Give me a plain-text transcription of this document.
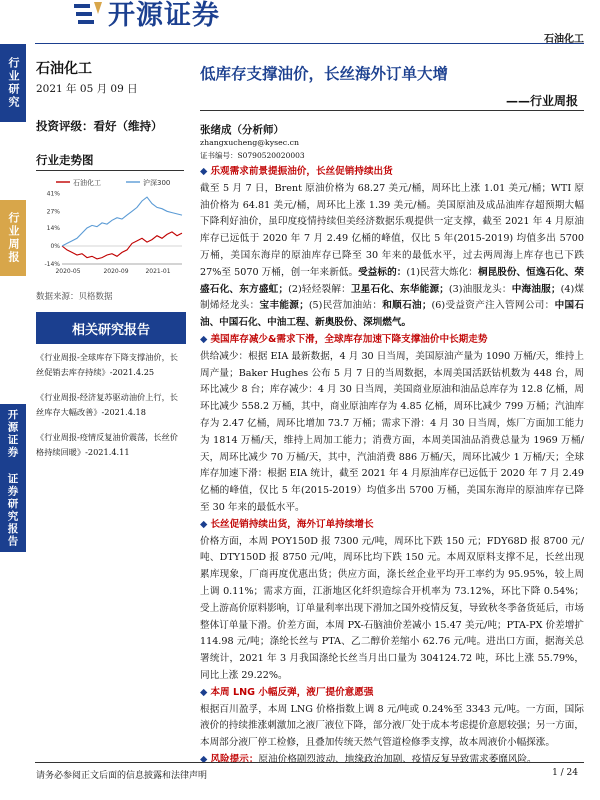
开源证券
石油化工
行业研究
行业周报
开源证券 证券研究报告
石油化工
2021 年 05 月 09 日
投资评级：看好（维持）
行业走势图
石油化工	沪深300
41%
27%
14%
0%
-14%
2020-05	2020-09	2021-01
数据来源：贝格数据
相关研究报告
《行业周报-全球库存下降支撑油价，长丝促销去库存持续》-2021.4.25
《行业周报-经济复苏驱动油价上行，长丝库存大幅改善》-2021.4.18
《行业周报-疫情反复油价震荡，长丝价格持续回暖》-2021.4.11
低库存支撑油价，长丝海外订单大增
——行业周报
张绪成（分析师）
zhangxucheng@kysec.cn
证书编号：S0790520020003
◆ 乐观需求前景提振油价，长丝促销持续出货
截至 5 月 7 日，Brent 原油价格为 68.27 美元/桶，周环比上涨 1.01 美元/桶；WTI 原油价格为 64.81 美元/桶，周环比上涨 1.39 美元/桶。美国原油及成品油库存超预期大幅下降利好油价，虽印度疫情持续但美经济数据乐观提供一定支撑，截至 2021 年 4 月原油库存已远低于 2020 年 7 月 2.49 亿桶的峰值，仅比 5 年(2015-2019) 均值多出 5700 万桶，美国东海岸的原油库存已降至 30 年来的最低水平，过去两周海上库存也已下跌 27%至 5070 万桶，创一年来新低。受益标的：(1)民营大炼化：桐昆股份、恒逸石化、荣盛石化、东方盛虹；(2)轻烃裂解：卫星石化、东华能源；(3)油服龙头：中海油服；(4)煤制烯烃龙头：宝丰能源；(5)民营加油站：和顺石油；(6)受益资产注入管网公司：中国石油、中国石化、中油工程、新奥股份、深圳燃气。
◆ 美国库存减少&需求下滑，全球库存加速下降支撑油价中长期走势
供给减少：根据 EIA 最新数据，4 月 30 日当周，美国原油产量为 1090 万桶/天，维持上周产量；Baker Hughes 公布 5 月 7 日的当周数据，本周美国活跃钻机数为 448 台，周环比减少 8 台；库存减少：4 月 30 日当周，美国商业原油和油品总库存为 12.8 亿桶，周环比减少 558.2 万桶，其中，商业原油库存为 4.85 亿桶，周环比减少 799 万桶；汽油库存为 2.47 亿桶，周环比增加 73.7 万桶；需求下滑：4 月 30 日当周，炼厂方面加工能力为 1814 万桶/天，维持上周加工能力；消费方面，本周美国油品消费总量为 1969 万桶/天，周环比减少 70 万桶/天，其中，汽油消费 886 万桶/天，周环比减少 1 万桶/天；全球库存加速下滑：根据 EIA 统计，截至 2021 年 4 月原油库存已远低于 2020 年 7 月 2.49 亿桶的峰值，仅比 5 年(2015-2019）均值多出 5700 万桶，美国东海岸的原油库存已降至 30 年来的最低水平。
◆ 长丝促销持续出货，海外订单持续增长
价格方面，本周 POY150D 报 7300 元/吨，周环比下跌 150 元；FDY68D 报 8700 元/吨、DTY150D 报 8750 元/吨，周环比均下跌 150 元。本周双原料支撑不足，长丝出现累库现象，厂商再度优惠出货；供应方面，涤长丝企业平均开工率约为 95.95%，较上周上调 0.11%；需求方面，江浙地区化纤织造综合开机率为 73.12%，环比下降 0.54%；受上游高价原料影响，订单量利率出现下滑加之国外疫情反复，导致秋冬季备货延后，市场整体订单量下滑。价差方面，本周 PX-石脑油价差减小 15.47 美元/吨；PTA-PX 价差增扩 114.98 元/吨；涤纶长丝与 PTA、乙二醇价差缩小 62.76 元/吨。进出口方面，据海关总署统计，2021 年 3 月我国涤纶长丝当月出口量为 304124.72 吨，环比上涨 55.79%，同比上涨 29.22%。
◆ 本周 LNG 小幅反弹，液厂提价意愿强
根据百川盈孚，本周 LNG 价格指数上调 8 元/吨或 0.24%至 3343 元/吨。一方面，国际液价的持续推涨刺激加之液厂液位下降，部分液厂处于成本考虑提价意愿较强；另一方面，本周部分液厂停工检修，且叠加传统天然气管道检修季支撑，故本周液价小幅探涨。
◆ 风险提示：原油价格剧烈波动、地缘政治加剧、疫情反复导致需求萎靡风险。
请务必参阅正文后面的信息披露和法律声明	1 / 24
